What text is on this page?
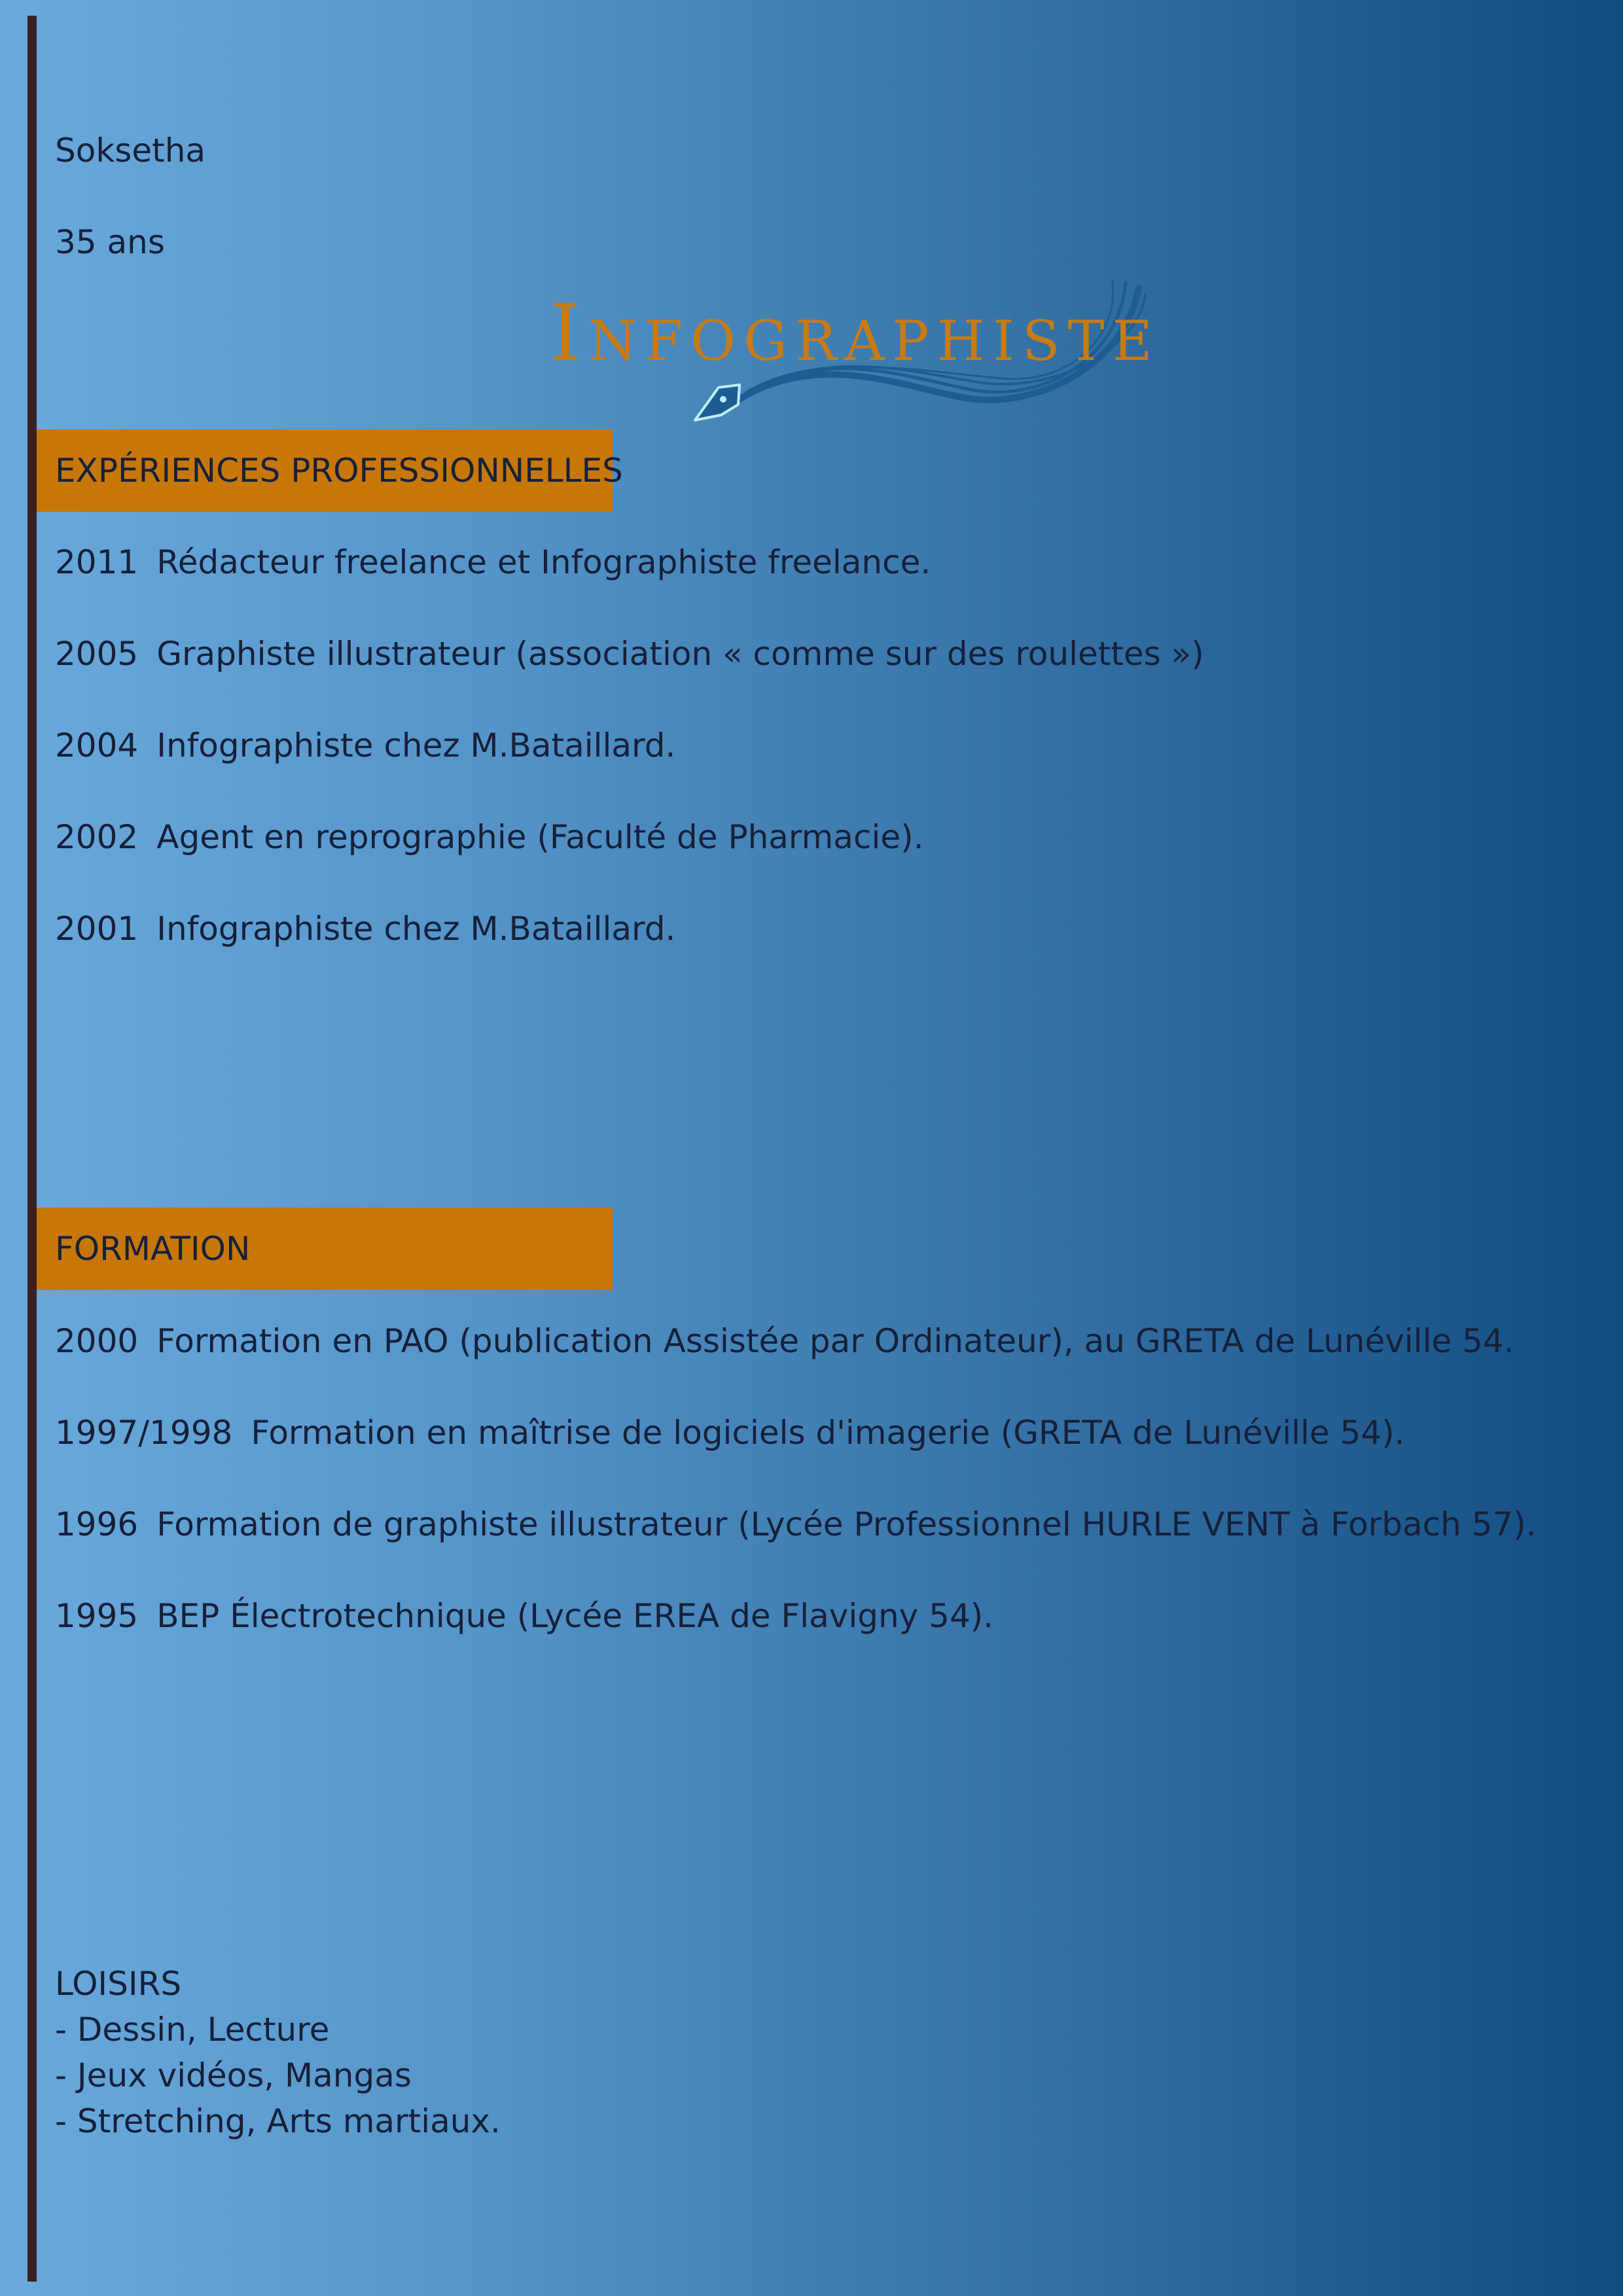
Soksetha
35 ans
Infographiste
EXPÉRIENCES PROFESSIONNELLES
2011 Rédacteur freelance et Infographiste freelance.
2005 Graphiste illustrateur (association « comme sur des roulettes »)
2004 Infographiste chez M.Bataillard.
2002 Agent en reprographie (Faculté de Pharmacie).
2001 Infographiste chez M.Bataillard.
FORMATION
2000 Formation en PAO (publication Assistée par Ordinateur), au GRETA de Lunéville 54.
1997/1998 Formation en maîtrise de logiciels d'imagerie (GRETA de Lunéville 54).
1996 Formation de graphiste illustrateur (Lycée Professionnel HURLE VENT à Forbach 57).
1995 BEP Électrotechnique (Lycée EREA de Flavigny 54).
LOISIRS
- Dessin, Lecture
- Jeux vidéos, Mangas
- Stretching, Arts martiaux.
